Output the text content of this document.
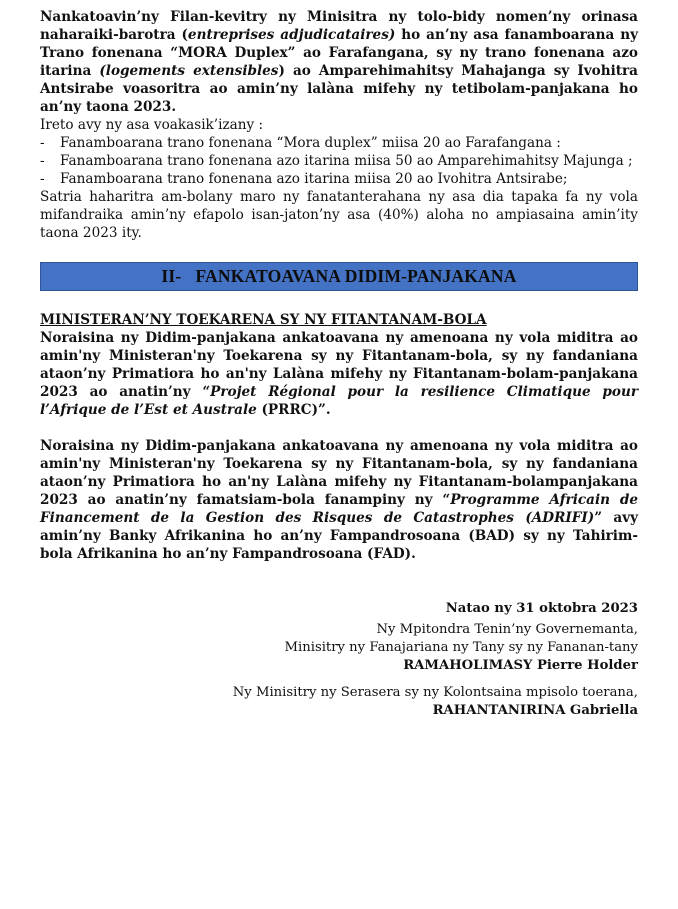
Nankatoavin’ny Filan-kevitry ny Minisitra ny tolo-bidy nomen’ny orinasa naharaiki-barotra (entreprises adjudicataires) ho an’ny asa fanamboarana ny Trano fonenana “MORA Duplex” ao Farafangana, sy ny trano fonenana azo itarina (logements extensibles) ao Amparehimahitsy Mahajanga sy Ivohitra Antsirabe voasoritra ao amin’ny lalàna mifehy ny tetibolam-panjakana ho an’ny taona 2023.

Ireto avy ny asa voakasik’izany :

-	Fanamboarana trano fonenana “Mora duplex” miisa 20 ao Farafangana :
-	Fanamboarana trano fonenana azo itarina miisa 50 ao Amparehimahitsy Majunga ;
-	Fanamboarana trano fonenana azo itarina miisa 20 ao Ivohitra Antsirabe;

Satria haharitra am-bolany maro ny fanatanterahana ny asa dia tapaka fa ny vola mifandraika amin’ny efapolo isan-jaton’ny asa (40%) aloha no ampiasaina amin’ity taona 2023 ity.

II- FANKATOAVANA DIDIM-PANJAKANA
MINISTERAN’NY TOEKARENA SY NY FITANTANAM-BOLA

Noraisina ny Didim-panjakana ankatoavana ny amenoana ny vola miditra ao amin'ny Ministeran'ny Toekarena sy ny Fitantanam-bola, sy ny fandaniana ataon’ny Primatiora ho an'ny Lalàna mifehy ny Fitantanam-bolam-panjakana 2023 ao anatin’ny “Projet Régional pour la resilience Climatique pour l’Afrique de l’Est et Australe (PRRC)”.

Noraisina ny Didim-panjakana ankatoavana ny amenoana ny vola miditra ao amin'ny Ministeran'ny Toekarena sy ny Fitantanam-bola, sy ny fandaniana ataon’ny Primatiora ho an'ny Lalàna mifehy ny Fitantanam-bolampanjakana 2023 ao anatin’ny famatsiam-bola fanampiny ny “Programme Africain de Financement de la Gestion des Risques de Catastrophes (ADRIFI)” avy amin’ny Banky Afrikanina ho an’ny Fampandrosoana (BAD) sy ny Tahirim-bola Afrikanina ho an’ny Fampandrosoana (FAD).

Natao ny 31 oktobra 2023
Ny Mpitondra Tenin’ny Governemanta,
Minisitry ny Fanajariana ny Tany sy ny Fananan-tany
RAMAHOLIMASY Pierre Holder
Ny Minisitry ny Serasera sy ny Kolontsaina mpisolo toerana,
RAHANTANIRINA Gabriella
